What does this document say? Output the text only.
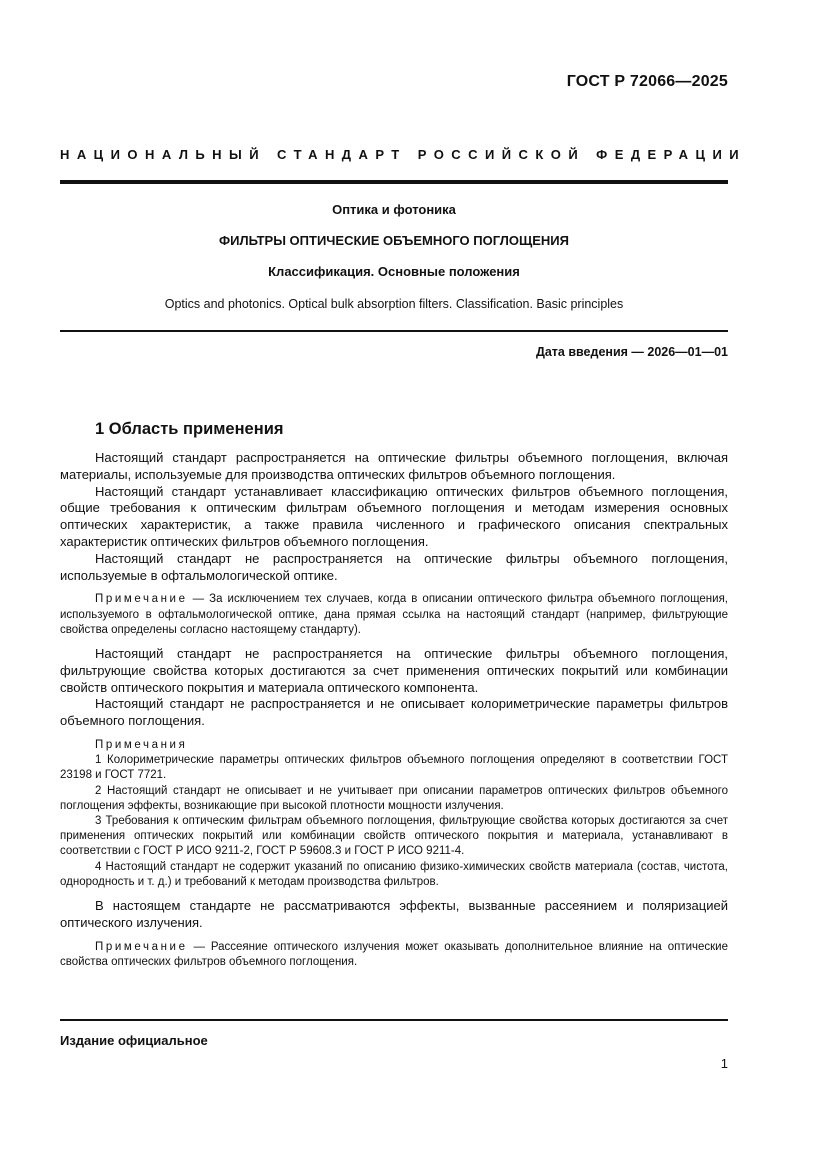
ГОСТ Р 72066—2025
НАЦИОНАЛЬНЫЙ СТАНДАРТ РОССИЙСКОЙ ФЕДЕРАЦИИ
Оптика и фотоника
ФИЛЬТРЫ ОПТИЧЕСКИЕ ОБЪЕМНОГО ПОГЛОЩЕНИЯ
Классификация. Основные положения
Optics and photonics. Optical bulk absorption filters. Classification. Basic principles
Дата введения — 2026—01—01
1 Область применения

Настоящий стандарт распространяется на оптические фильтры объемного поглощения, включая материалы, используемые для производства оптических фильтров объемного поглощения.

Настоящий стандарт устанавливает классификацию оптических фильтров объемного поглощения, общие требования к оптическим фильтрам объемного поглощения и методам измерения основных оптических характеристик, а также правила численного и графического описания спектральных характеристик оптических фильтров объемного поглощения.

Настоящий стандарт не распространяется на оптические фильтры объемного поглощения, используемые в офтальмологической оптике.

Примечание — За исключением тех случаев, когда в описании оптического фильтра объемного поглощения, используемого в офтальмологической оптике, дана прямая ссылка на настоящий стандарт (например, фильтрующие свойства определены согласно настоящему стандарту).

Настоящий стандарт не распространяется на оптические фильтры объемного поглощения, фильтрующие свойства которых достигаются за счет применения оптических покрытий или комбинации свойств оптического покрытия и материала оптического компонента.

Настоящий стандарт не распространяется и не описывает колориметрические параметры фильтров объемного поглощения.

Примечания

1 Колориметрические параметры оптических фильтров объемного поглощения определяют в соответствии ГОСТ 23198 и ГОСТ 7721.

2 Настоящий стандарт не описывает и не учитывает при описании параметров оптических фильтров объемного поглощения эффекты, возникающие при высокой плотности мощности излучения.

3 Требования к оптическим фильтрам объемного поглощения, фильтрующие свойства которых достигаются за счет применения оптических покрытий или комбинации свойств оптического покрытия и материала, устанавливают в соответствии с ГОСТ Р ИСО 9211-2, ГОСТ Р 59608.3 и ГОСТ Р ИСО 9211-4.

4 Настоящий стандарт не содержит указаний по описанию физико-химических свойств материала (состав, чистота, однородность и т. д.) и требований к методам производства фильтров.

В настоящем стандарте не рассматриваются эффекты, вызванные рассеянием и поляризацией оптического излучения.

Примечание — Рассеяние оптического излучения может оказывать дополнительное влияние на оптические свойства оптических фильтров объемного поглощения.

Издание официальное
1
